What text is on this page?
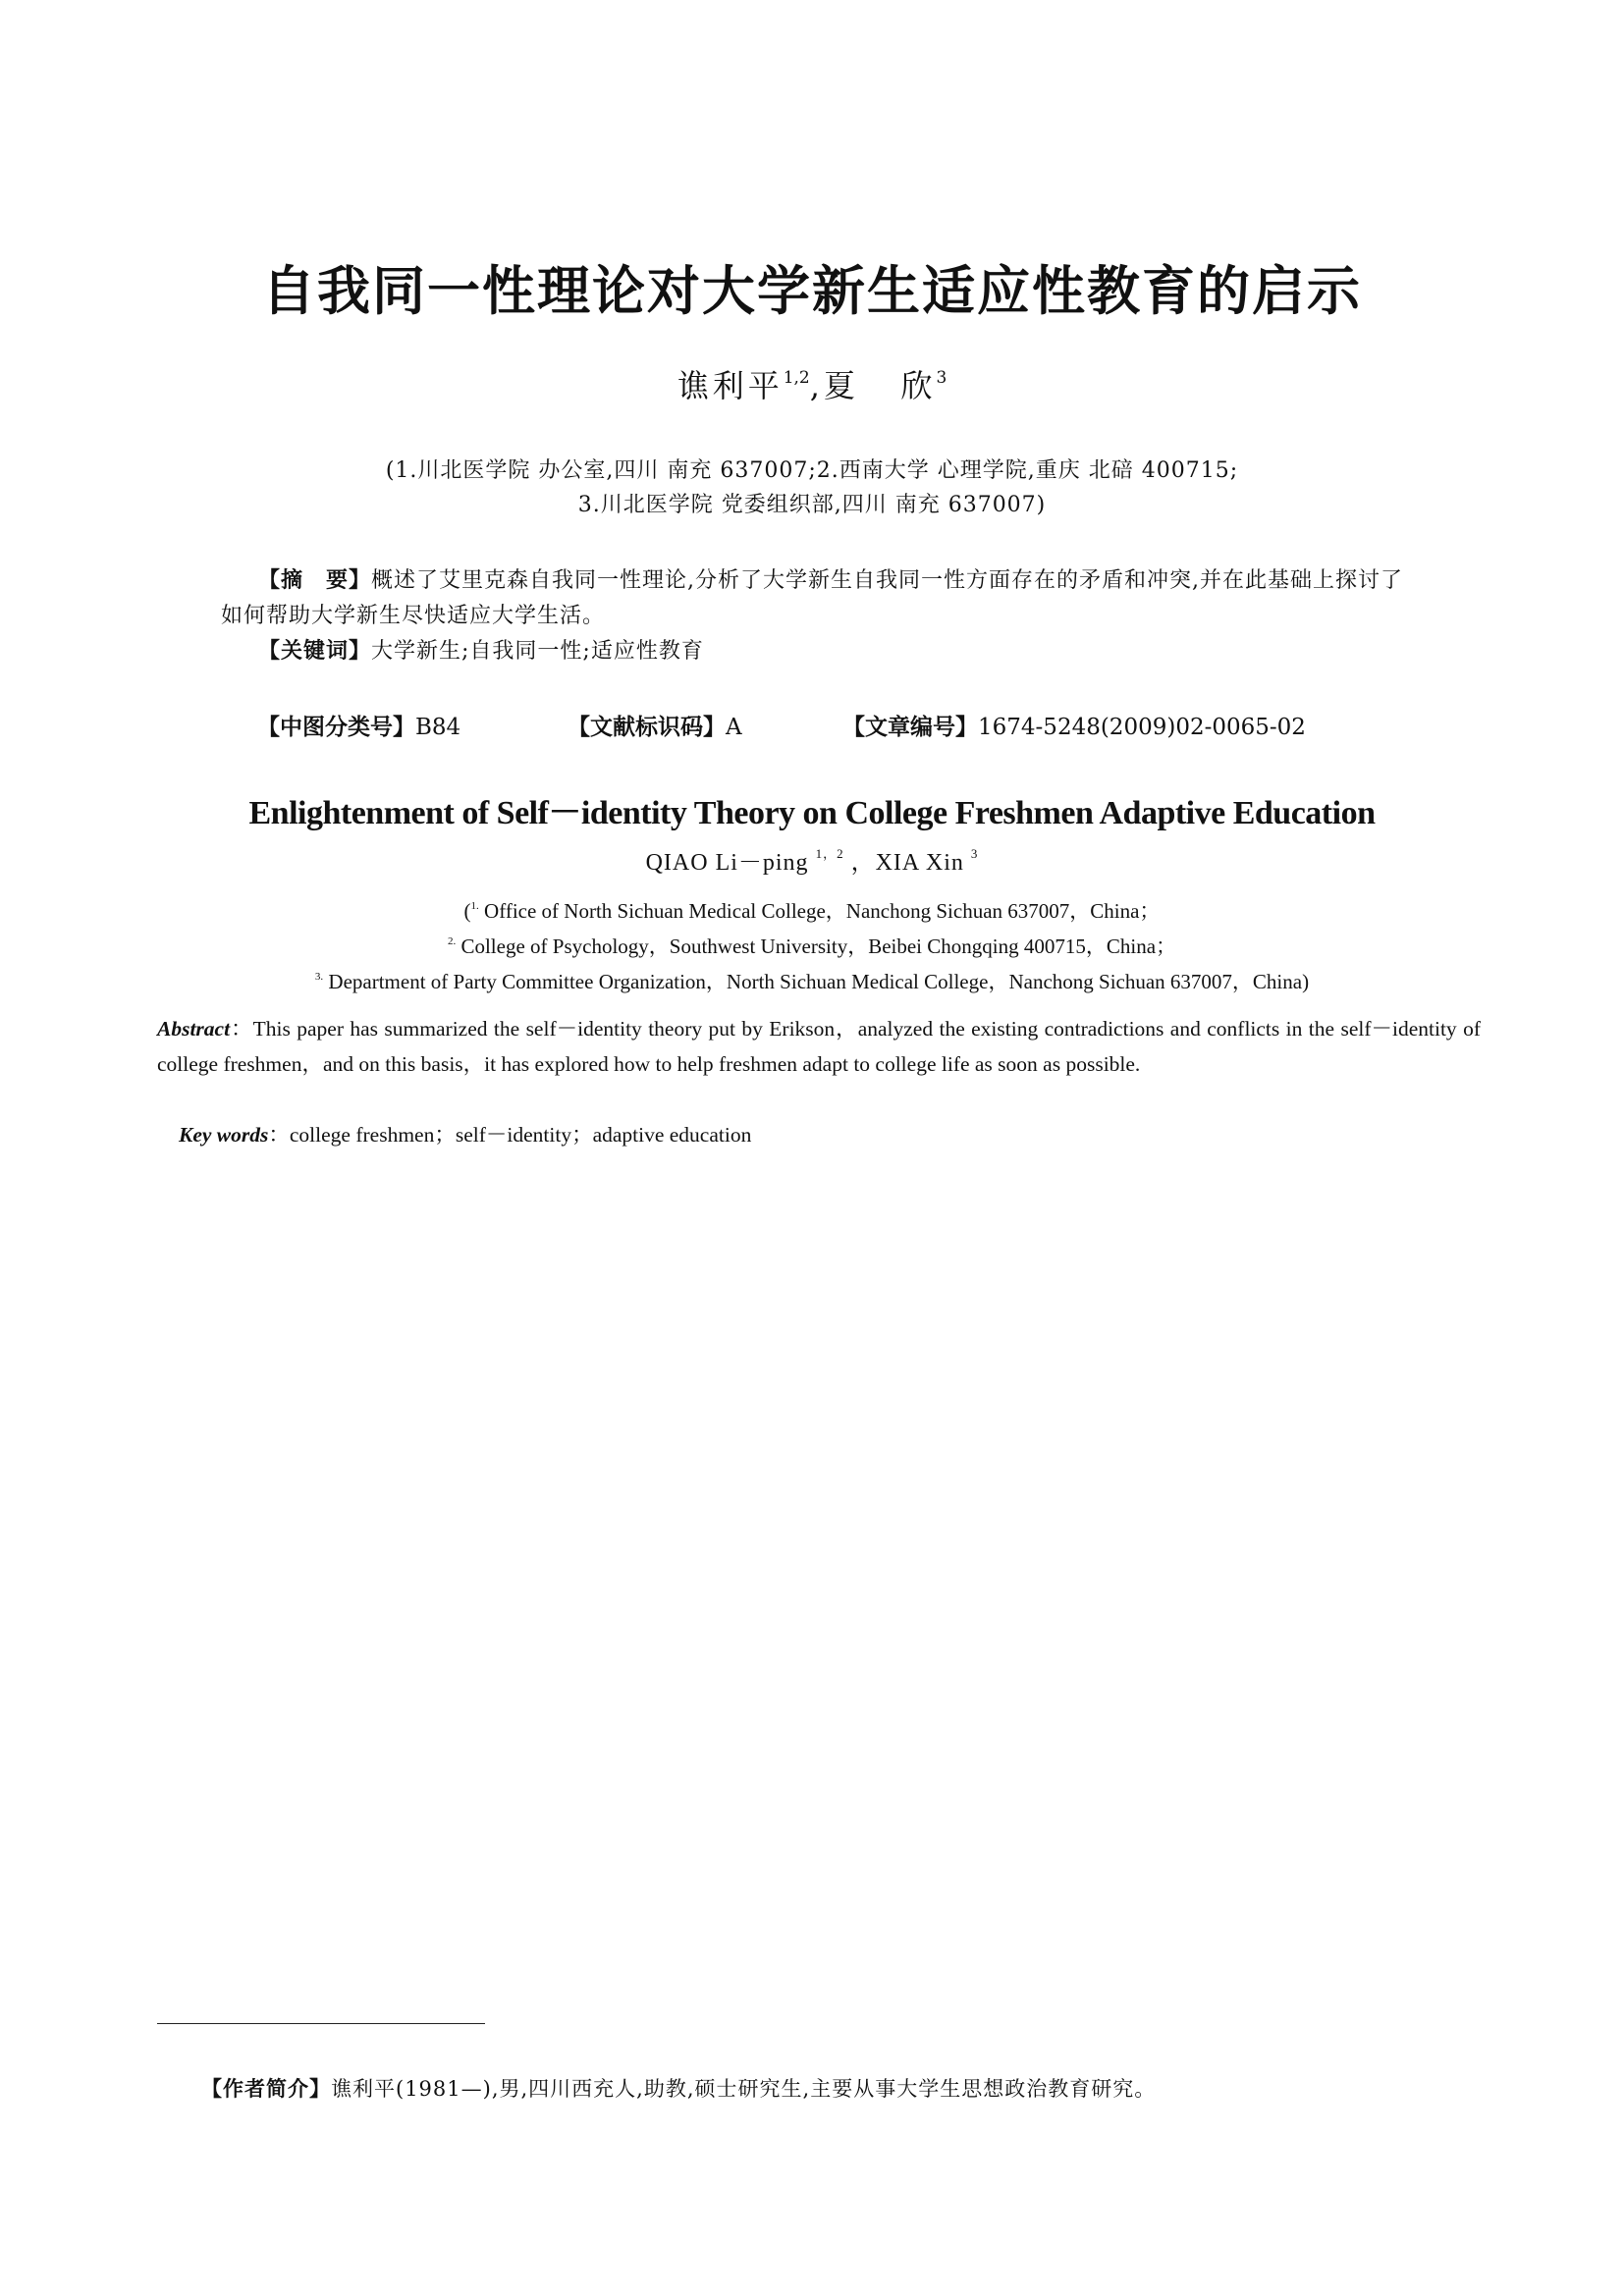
自我同一性理论对大学新生适应性教育的启示
谯利平$^{1,2}$,夏 欣$^3$
(1.川北医学院 办公室,四川 南充 637007;2.西南大学 心理学院,重庆 北碚 400715;
3.川北医学院 党委组织部,四川 南充 637007)
【摘　要】概述了艾里克森自我同一性理论,分析了大学新生自我同一性方面存在的矛盾和冲突,并在此基础上探讨了如何帮助大学新生尽快适应大学生活。
【关键词】大学新生;自我同一性;适应性教育
【中图分类号】B84	【文献标识码】A	【文章编号】1674-5248(2009)02-0065-02
Enlightenment of Self－identity Theory on College Freshmen Adaptive Education
QIAO Li－ping $^{1,2}$ ，XIA Xin $^3$
($^{1.}$ Office of North Sichuan Medical College，Nanchong Sichuan 637007，China；
$^{2.}$ College of Psychology，Southwest University，Beibei Chongqing 400715，China；
$^{3.}$ Department of Party Committee Organization，North Sichuan Medical College，Nanchong Sichuan 637007，China)
Abstract：This paper has summarized the self－identity theory put by Erikson，analyzed the existing contradictions and conflicts in the self－identity of college freshmen，and on this basis，it has explored how to help freshmen adapt to college life as soon as possible.
Key words：college freshmen；self－identity；adaptive education
【作者简介】谯利平(1981—),男,四川西充人,助教,硕士研究生,主要从事大学生思想政治教育研究。
